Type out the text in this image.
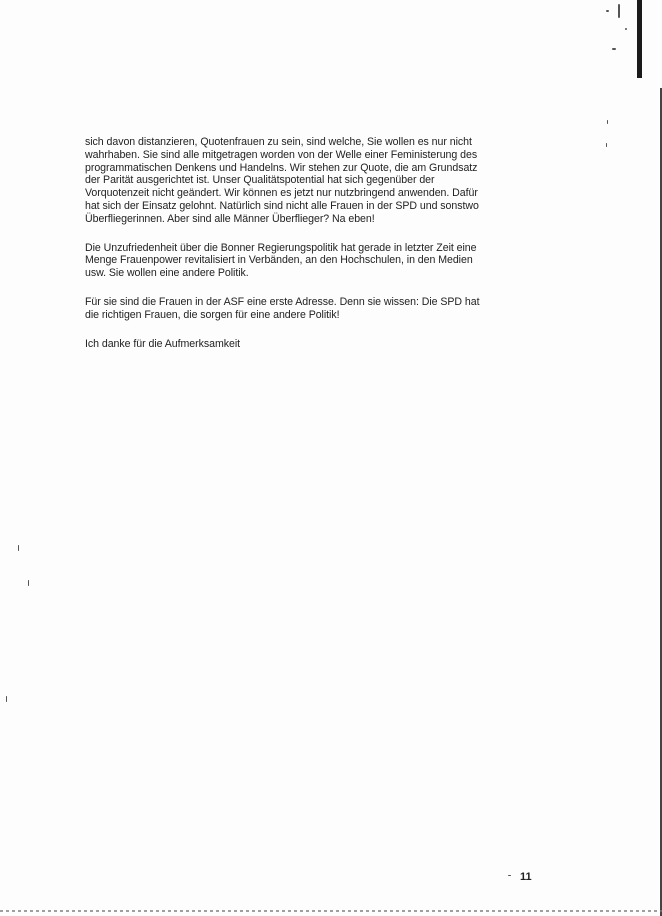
sich davon distanzieren, Quotenfrauen zu sein, sind welche, Sie wollen es nur nicht
wahrhaben. Sie sind alle mitgetragen worden von der Welle einer Feministerung des
programmatischen Denkens und Handelns. Wir stehen zur Quote, die am Grundsatz
der Parität ausgerichtet ist. Unser Qualitätspotential hat sich gegenüber der
Vorquotenzeit nicht geändert. Wir können es jetzt nur nutzbringend anwenden. Dafür
hat sich der Einsatz gelohnt. Natürlich sind nicht alle Frauen in der SPD und sonstwo
Überfliegerinnen. Aber sind alle Männer Überflieger? Na eben!

Die Unzufriedenheit über die Bonner Regierungspolitik hat gerade in letzter Zeit eine
Menge Frauenpower revitalisiert in Verbänden, an den Hochschulen, in den Medien
usw. Sie wollen eine andere Politik.

Für sie sind die Frauen in der ASF eine erste Adresse. Denn sie wissen: Die SPD hat
die richtigen Frauen, die sorgen für eine andere Politik!

Ich danke für die Aufmerksamkeit

11
